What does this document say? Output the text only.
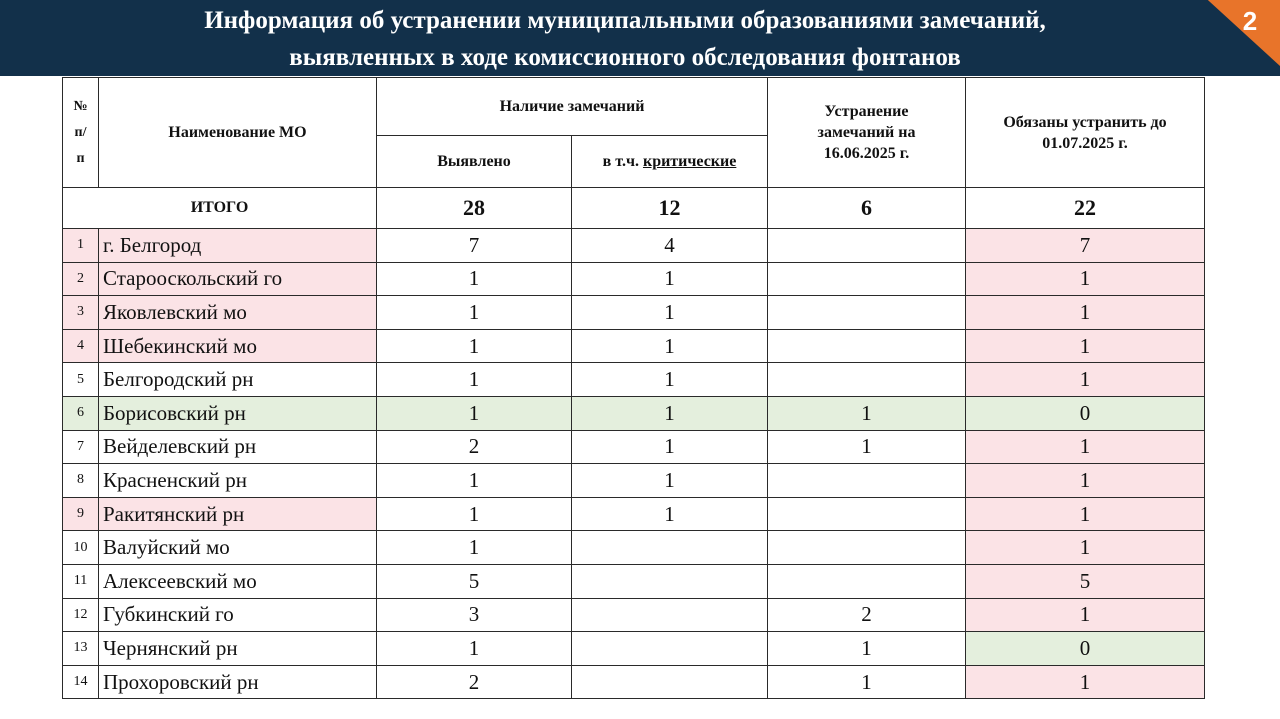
Информация об устранении муниципальными образованиями замечаний,
выявленных в ходе комиссионного обследования фонтанов
2
№ п/ п	Наименование МО	Наличие замечаний		Устранение замечаний на 16.06.2025 г.	Обязаны устранить до 01.07.2025 г.
		Выявлено	в т.ч. критические		
ИТОГО		28	12	6	22
1	г. Белгород	7	4		7
2	Старооскольский го	1	1		1
3	Яковлевский мо	1	1		1
4	Шебекинский мо	1	1		1
5	Белгородский рн	1	1		1
6	Борисовский рн	1	1	1	0
7	Вейделевский рн	2	1	1	1
8	Красненский рн	1	1		1
9	Ракитянский рн	1	1		1
10	Валуйский мо	1			1
11	Алексеевский мо	5			5
12	Губкинский го	3		2	1
13	Чернянский рн	1		1	0
14	Прохоровский рн	2		1	1
